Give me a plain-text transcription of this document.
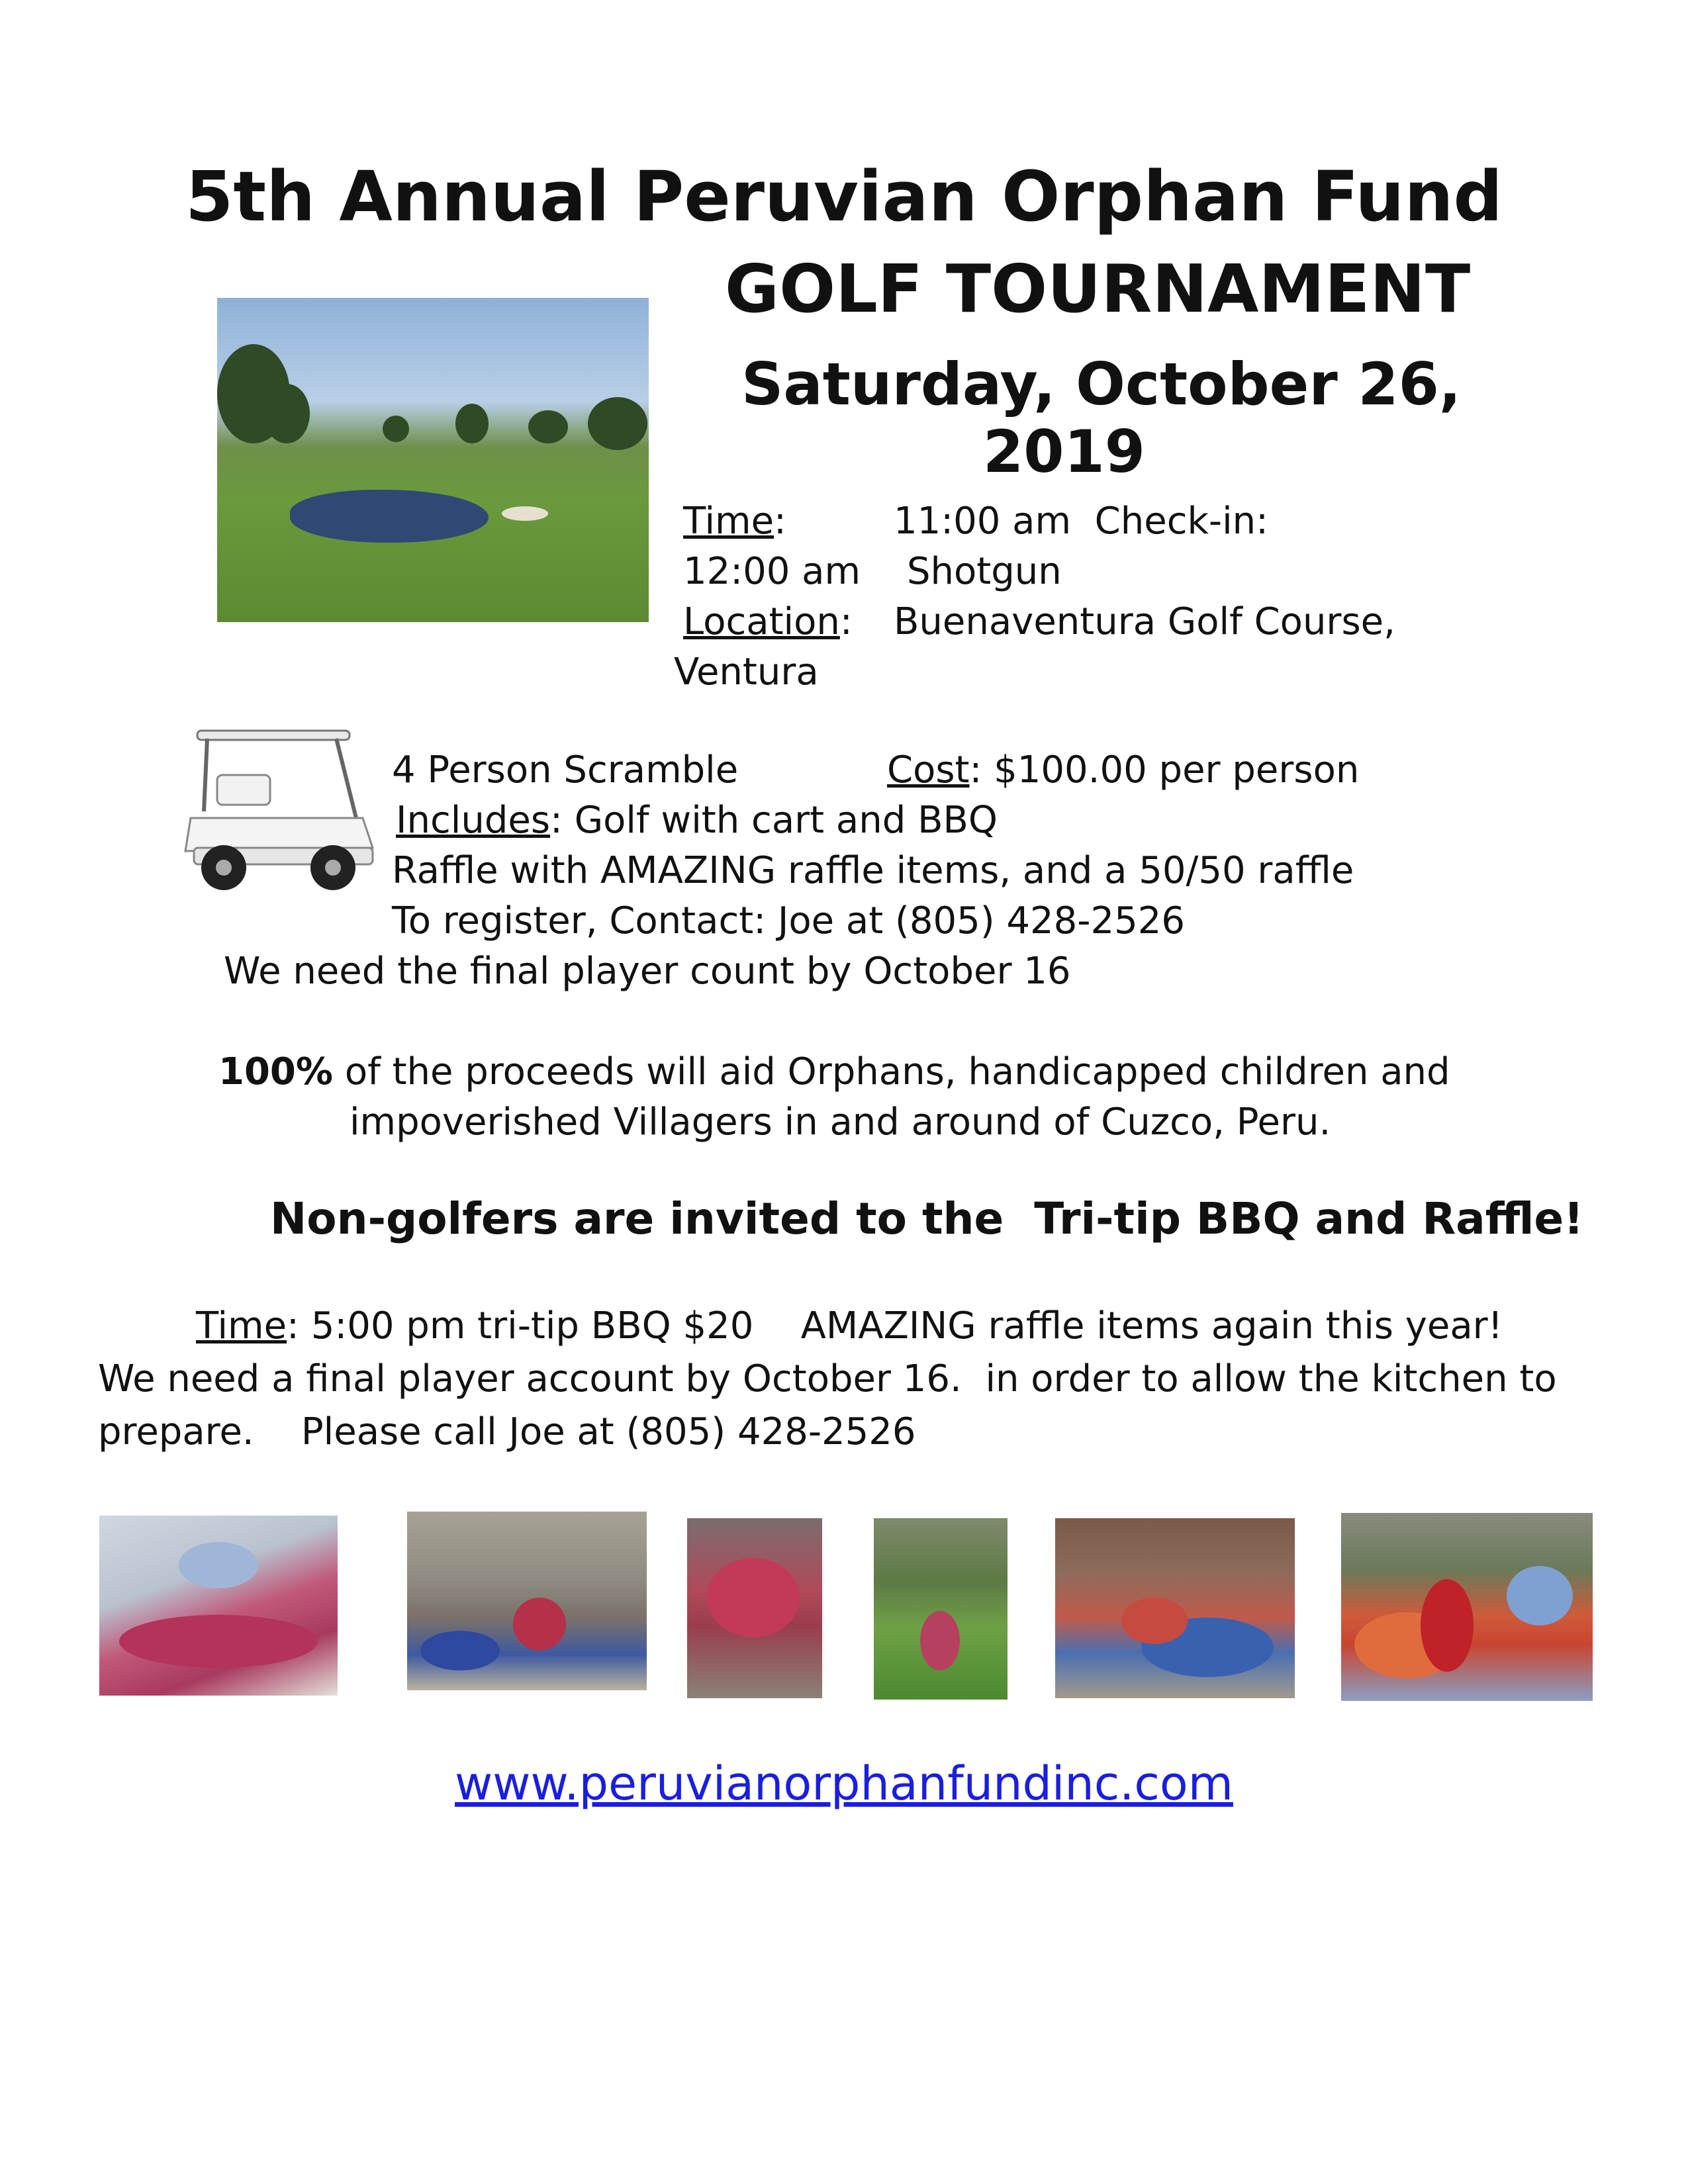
5th Annual Peruvian Orphan Fund
GOLF TOURNAMENT
Saturday, October 26,
2019
Time:	11:00 am  Check-in:
12:00 am Shotgun
Location: Buenaventura Golf Course,
Ventura
4 Person Scramble	Cost: $100.00 per person
Includes: Golf with cart and BBQ
Raffle with AMAZING raffle items, and a 50/50 raffle
To register, Contact: Joe at (805) 428-2526
We need the final player count by October 16
100% of the proceeds will aid Orphans, handicapped children and
impoverished Villagers in and around of Cuzco, Peru.
Non-golfers are invited to the  Tri-tip BBQ and Raffle!
Time: 5:00 pm tri-tip BBQ $20    AMAZING raffle items again this year!
We need a final player account by October 16.  in order to allow the kitchen to
prepare.    Please call Joe at (805) 428-2526
www.peruvianorphanfundinc.com
